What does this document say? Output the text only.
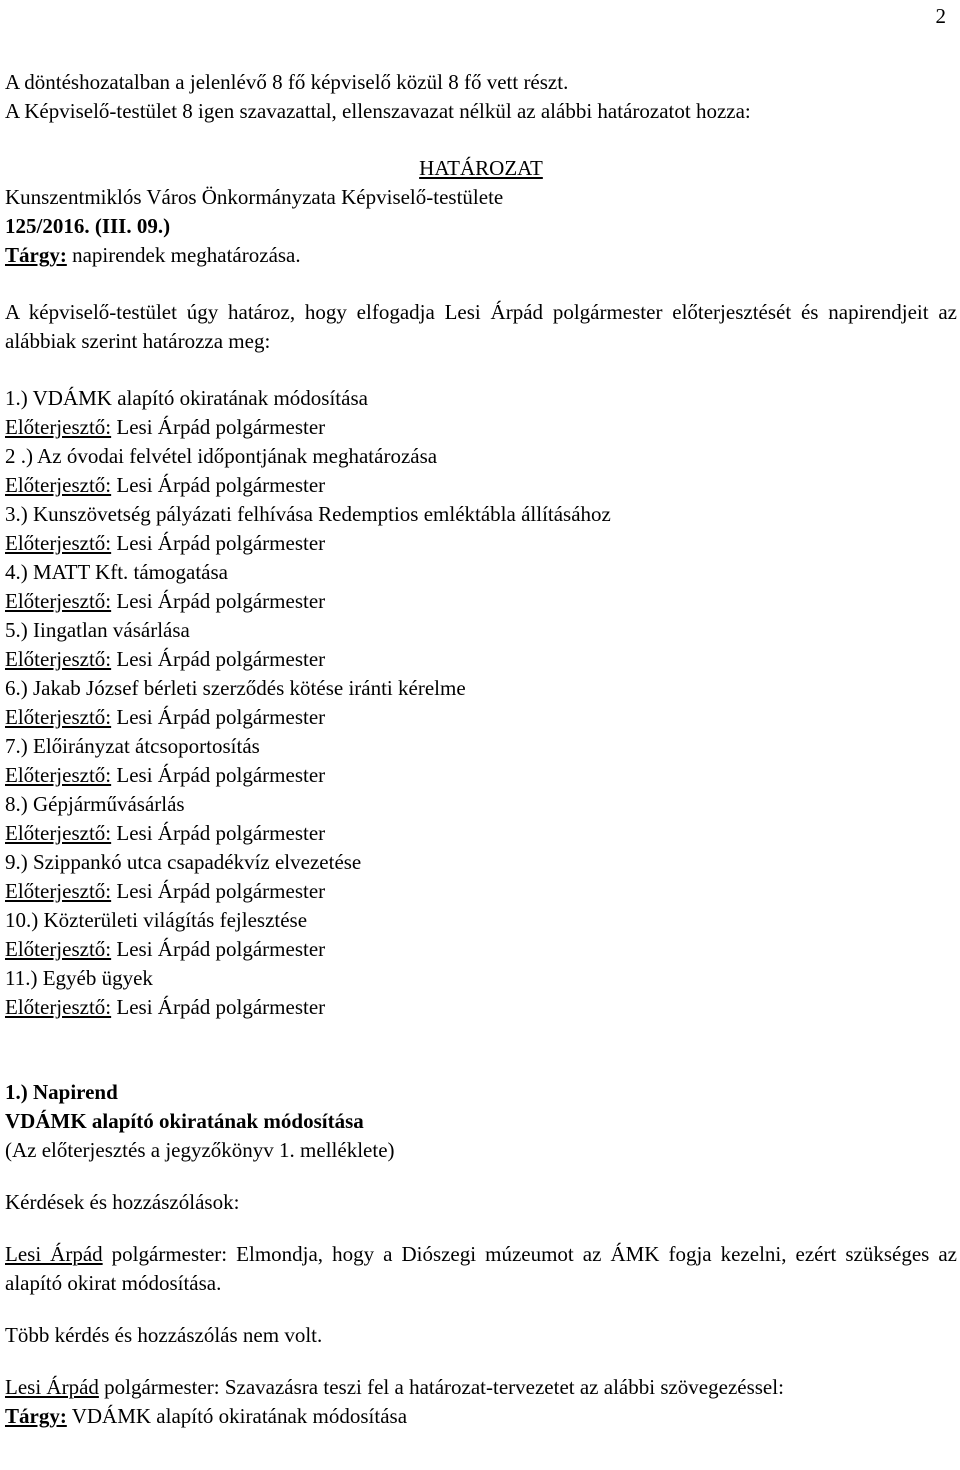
2

A döntéshozatalban a jelenlévő 8 fő képviselő közül 8 fő vett részt.

A Képviselő-testület 8 igen szavazattal, ellenszavazat nélkül az alábbi határozatot hozza:

HATÁROZAT

Kunszentmiklós Város Önkormányzata Képviselő-testülete

125/2016. (III. 09.)

Tárgy: napirendek meghatározása.

A képviselő-testület úgy határoz, hogy elfogadja Lesi Árpád polgármester előterjesztését és napirendjeit az alábbiak szerint határozza meg:

1.) VDÁMK alapító okiratának módosítása

Előterjesztő: Lesi Árpád polgármester

2 .) Az óvodai felvétel időpontjának meghatározása

Előterjesztő: Lesi Árpád polgármester

3.) Kunszövetség pályázati felhívása Redemptios emléktábla állításához

Előterjesztő: Lesi Árpád polgármester

4.) MATT Kft. támogatása

Előterjesztő: Lesi Árpád polgármester

5.) Iingatlan vásárlása

Előterjesztő: Lesi Árpád polgármester

6.) Jakab József bérleti szerződés kötése iránti kérelme

Előterjesztő: Lesi Árpád polgármester

7.) Előirányzat átcsoportosítás

Előterjesztő: Lesi Árpád polgármester

8.) Gépjárművásárlás

Előterjesztő: Lesi Árpád polgármester

9.) Szippankó utca csapadékvíz elvezetése

Előterjesztő: Lesi Árpád polgármester

10.) Közterületi világítás fejlesztése

Előterjesztő: Lesi Árpád polgármester

11.) Egyéb ügyek

Előterjesztő: Lesi Árpád polgármester

1.) Napirend

VDÁMK alapító okiratának módosítása

(Az előterjesztés a jegyzőkönyv 1. melléklete)

Kérdések és hozzászólások:

Lesi Árpád polgármester: Elmondja, hogy a Diószegi múzeumot az ÁMK fogja kezelni, ezért szükséges az alapító okirat módosítása.

Több kérdés és hozzászólás nem volt.

Lesi Árpád polgármester: Szavazásra teszi fel a határozat-tervezetet az alábbi szövegezéssel:

Tárgy: VDÁMK alapító okiratának módosítása
